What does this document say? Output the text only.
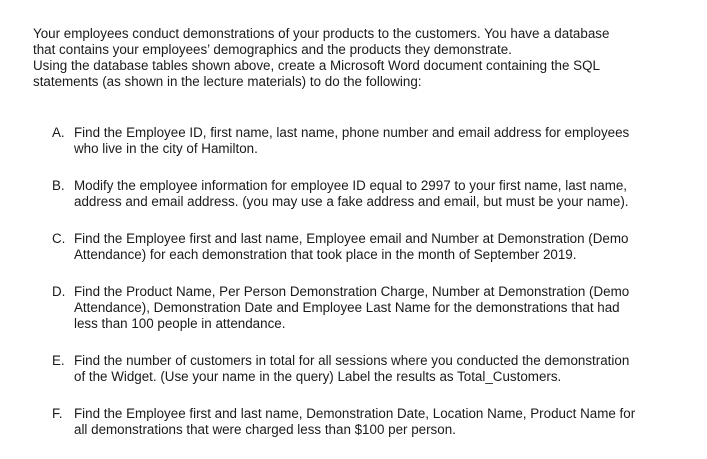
Your employees conduct demonstrations of your products to the customers. You have a database

that contains your employees’ demographics and the products they demonstrate.

Using the database tables shown above, create a Microsoft Word document containing the SQL

statements (as shown in the lecture materials) to do the following:

A. Find the Employee ID, first name, last name, phone number and email address for employees
who live in the city of Hamilton.
B. Modify the employee information for employee ID equal to 2997 to your first name, last name,
address and email address. (you may use a fake address and email, but must be your name).
C. Find the Employee first and last name, Employee email and Number at Demonstration (Demo
Attendance) for each demonstration that took place in the month of September 2019.
D. Find the Product Name, Per Person Demonstration Charge, Number at Demonstration (Demo
Attendance), Demonstration Date and Employee Last Name for the demonstrations that had
less than 100 people in attendance.
E. Find the number of customers in total for all sessions where you conducted the demonstration
of the Widget. (Use your name in the query) Label the results as Total_Customers.
F. Find the Employee first and last name, Demonstration Date, Location Name, Product Name for
all demonstrations that were charged less than $100 per person.
